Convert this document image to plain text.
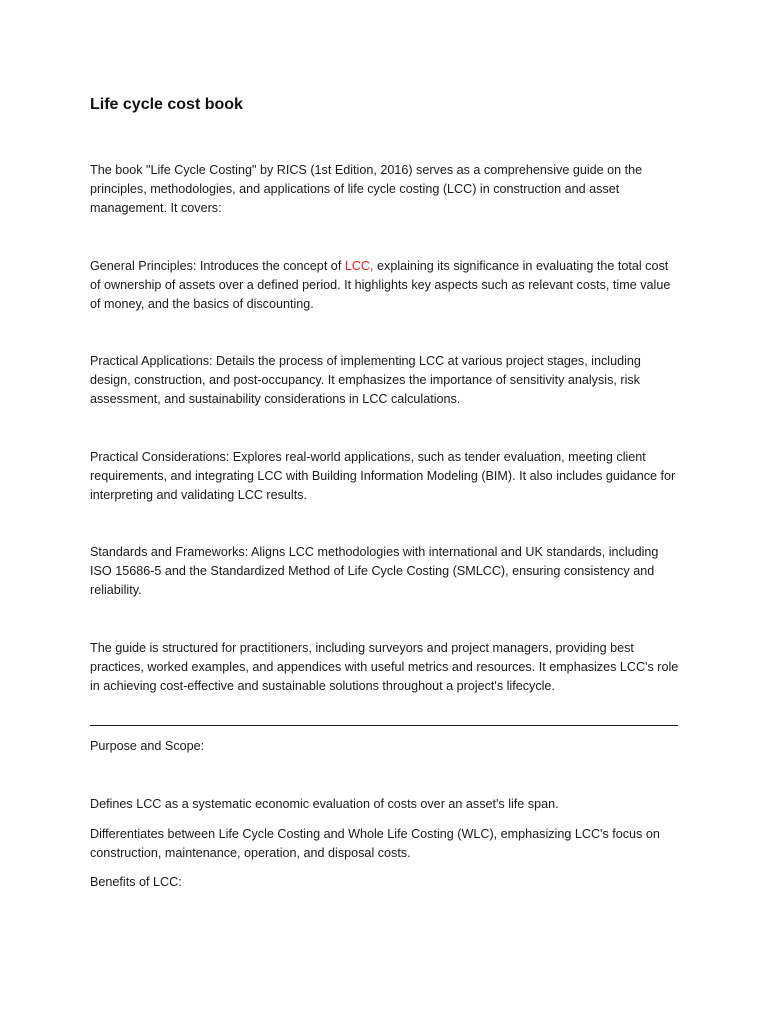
Life cycle cost book

The book "Life Cycle Costing" by RICS (1st Edition, 2016) serves as a comprehensive guide on the principles, methodologies, and applications of life cycle costing (LCC) in construction and asset management. It covers:

General Principles: Introduces the concept of LCC, explaining its significance in evaluating the total cost of ownership of assets over a defined period. It highlights key aspects such as relevant costs, time value of money, and the basics of discounting.

Practical Applications: Details the process of implementing LCC at various project stages, including design, construction, and post-occupancy. It emphasizes the importance of sensitivity analysis, risk assessment, and sustainability considerations in LCC calculations.

Practical Considerations: Explores real-world applications, such as tender evaluation, meeting client requirements, and integrating LCC with Building Information Modeling (BIM). It also includes guidance for interpreting and validating LCC results.

Standards and Frameworks: Aligns LCC methodologies with international and UK standards, including ISO 15686-5 and the Standardized Method of Life Cycle Costing (SMLCC), ensuring consistency and reliability.

The guide is structured for practitioners, including surveyors and project managers, providing best practices, worked examples, and appendices with useful metrics and resources. It emphasizes LCC's role in achieving cost-effective and sustainable solutions throughout a project's lifecycle.

Purpose and Scope:

Defines LCC as a systematic economic evaluation of costs over an asset's life span.

Differentiates between Life Cycle Costing and Whole Life Costing (WLC), emphasizing LCC's focus on construction, maintenance, operation, and disposal costs.

Benefits of LCC:
